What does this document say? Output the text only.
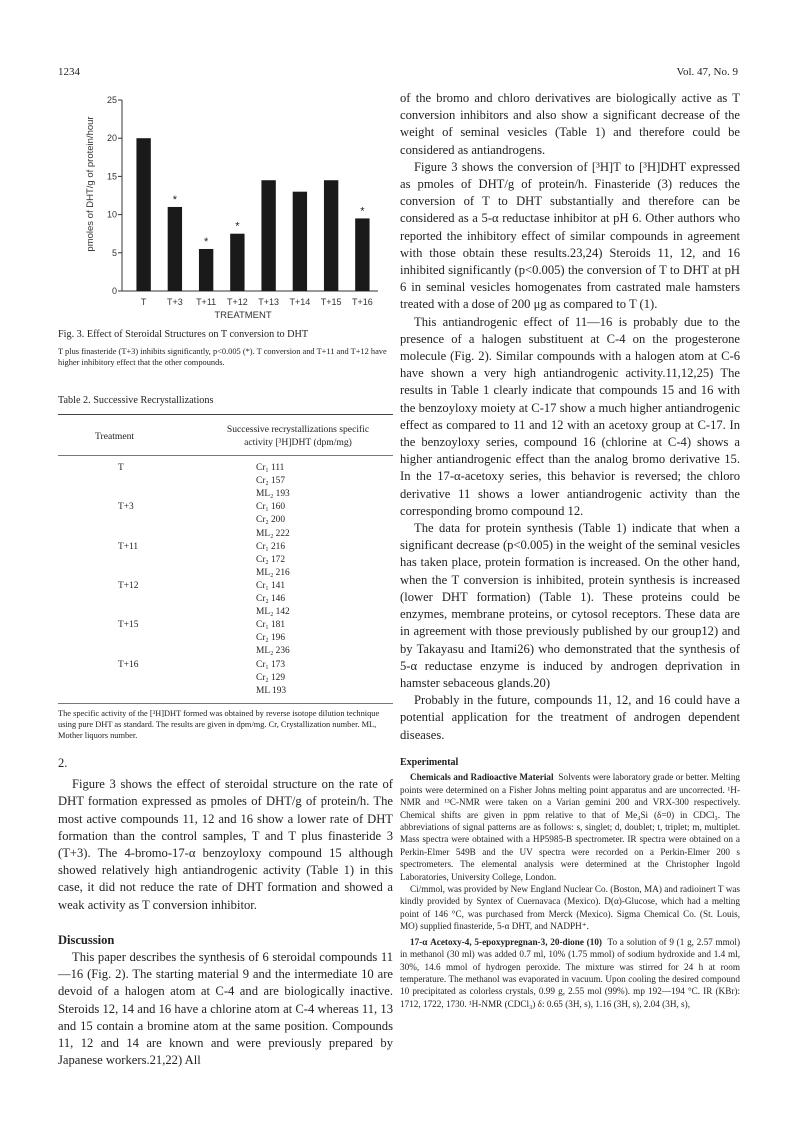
1234	Vol. 47, No. 9
pmoles of DHT/g of protein/hour	*
*
*
*
0
5
10
15
20
25
T T+3 T+11 T+12 T+13 T+14 T+15 T+16
TREATMENT
Fig. 3. Effect of Steroidal Structures on T conversion to DHT
T plus finasteride (T+3) inhibits significantly, p<0.005 (*). T conversion and T+11 and T+12 have higher inhibitory effect that the other compounds.
Table 2. Successive Recrystallizations
Treatment
Successive recrystallizations specific
activity [³H]DHT (dpm/mg)
T	Cr₁ 111
Cr₂ 157
ML₂ 193
T+3	Cr₁ 160
Cr₂ 200
ML₂ 222
T+11	Cr₁ 216
Cr₂ 172
ML₂ 216
T+12	Cr₁ 141
Cr₂ 146
ML₂ 142
T+15	Cr₁ 181
Cr₂ 196
ML₂ 236
T+16	Cr₁ 173
Cr₂ 129
ML 193
The specific activity of the [³H]DHT formed was obtained by reverse isotope dilution technique using pure DHT as standard. The results are given in dpm/mg. Cr, Crystallization number. ML, Mother liquors number.

2.

Figure 3 shows the effect of steroidal structure on the rate of DHT formation expressed as pmoles of DHT/g of protein/h. The most active compounds 11, 12 and 16 show a lower rate of DHT formation than the control samples, T and T plus finasteride 3 (T+3). The 4-bromo-17-α benzoyloxy compound 15 although showed relatively high antiandrogenic activity (Table 1) in this case, it did not reduce the rate of DHT formation and showed a weak activity as T conversion inhibitor.

Discussion

This paper describes the synthesis of 6 steroidal compounds 11—16 (Fig. 2). The starting material 9 and the intermediate 10 are devoid of a halogen atom at C-4 and are biologically inactive. Steroids 12, 14 and 16 have a chlorine atom at C-4 whereas 11, 13 and 15 contain a bromine atom at the same position. Compounds 11, 12 and 14 are known and were previously prepared by Japanese workers.21,22) All

of the bromo and chloro derivatives are biologically active as T conversion inhibitors and also show a significant decrease of the weight of seminal vesicles (Table 1) and therefore could be considered as antiandrogens.

Figure 3 shows the conversion of [³H]T to [³H]DHT expressed as pmoles of DHT/g of protein/h. Finasteride (3) reduces the conversion of T to DHT substantially and therefore can be considered as a 5-α reductase inhibitor at pH 6. Other authors who reported the inhibitory effect of similar compounds in agreement with those obtain these results.23,24) Steroids 11, 12, and 16 inhibited significantly (p<0.005) the conversion of T to DHT at pH 6 in seminal vesicles homogenates from castrated male hamsters treated with a dose of 200 μg as compared to T (1).

This antiandrogenic effect of 11—16 is probably due to the presence of a halogen substituent at C-4 on the progesterone molecule (Fig. 2). Similar compounds with a halogen atom at C-6 have shown a very high antiandrogenic activity.11,12,25) The results in Table 1 clearly indicate that compounds 15 and 16 with the benzoyloxy moiety at C-17 show a much higher antiandrogenic effect as compared to 11 and 12 with an acetoxy group at C-17. In the benzoyloxy series, compound 16 (chlorine at C-4) shows a higher antiandrogenic effect than the analog bromo derivative 15. In the 17-α-acetoxy series, this behavior is reversed; the chloro derivative 11 shows a lower antiandrogenic activity than the corresponding bromo compound 12.

The data for protein synthesis (Table 1) indicate that when a significant decrease (p<0.005) in the weight of the seminal vesicles has taken place, protein formation is increased. On the other hand, when the T conversion is inhibited, protein synthesis is increased (lower DHT formation) (Table 1). These proteins could be enzymes, membrane proteins, or cytosol receptors. These data are in agreement with those previously published by our group12) and by Takayasu and Itami26) who demonstrated that the synthesis of 5-α reductase enzyme is induced by androgen deprivation in hamster sebaceous glands.20)

Probably in the future, compounds 11, 12, and 16 could have a potential application for the treatment of androgen dependent diseases.

Experimental

Chemicals and Radioactive Material Solvents were laboratory grade or better. Melting points were determined on a Fisher Johns melting point apparatus and are uncorrected. ¹H-NMR and ¹³C-NMR were taken on a Varian gemini 200 and VRX-300 respectively. Chemical shifts are given in ppm relative to that of Me₄Si (δ=0) in CDCl₃. The abbreviations of signal patterns are as follows: s, singlet; d, doublet; t, triplet; m, multiplet. Mass spectra were obtained with a HP5985-B spectrometer. IR spectra were obtained on a Perkin-Elmer 549B and the UV spectra were recorded on a Perkin-Elmer 200 s spectrometers. The elemental analysis were determined at the Christopher Ingold Laboratories, University College, London.

Ci/mmol, was provided by New England Nuclear Co. (Boston, MA) and radioinert T was kindly provided by Syntex of Cuernavaca (Mexico). D(α)-Glucose, which had a melting point of 146 °C, was purchased from Merck (Mexico). Sigma Chemical Co. (St. Louis, MO) supplied finasteride, 5-α DHT, and NADPH⁺.

17-α Acetoxy-4, 5-epoxypregnan-3, 20-dione (10) To a solution of 9 (1 g, 2.57 mmol) in methanol (30 ml) was added 0.7 ml, 10% (1.75 mmol) of sodium hydroxide and 1.4 ml, 30%, 14.6 mmol of hydrogen peroxide. The mixture was stirred for 24 h at room temperature. The methanol was evaporated in vacuum. Upon cooling the desired compound 10 precipitated as colorless crystals, 0.99 g, 2.55 mol (99%). mp 192—194 °C. IR (KBr): 1712, 1722, 1730. ¹H-NMR (CDCl₃) δ: 0.65 (3H, s), 1.16 (3H, s), 2.04 (3H, s),
